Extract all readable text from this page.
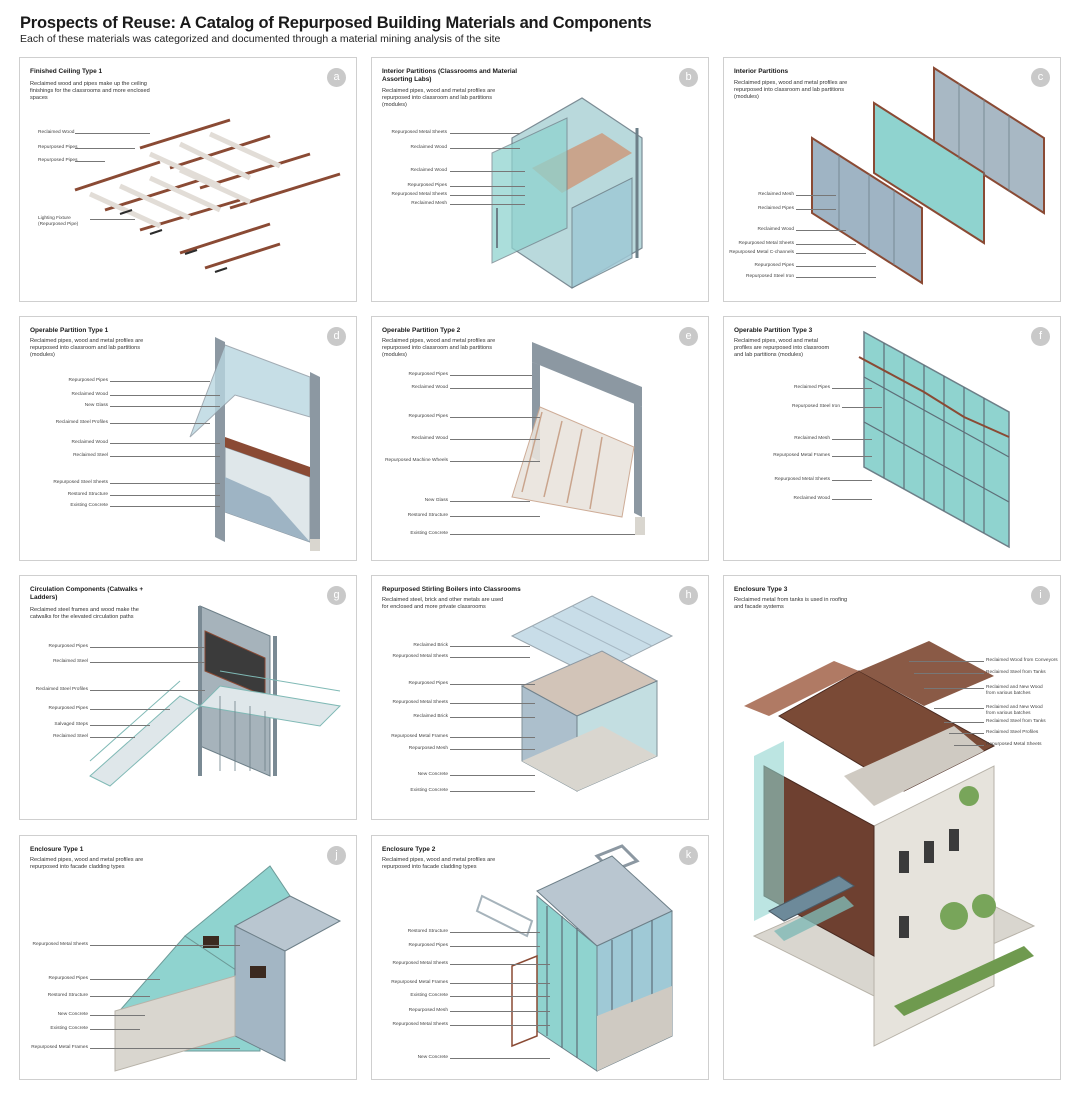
Prospects of Reuse: A Catalog of Repurposed Building Materials and Components
Each of these materials was categorized and documented through a material mining analysis of the site
Finished Ceiling Type 1
Reclaimed wood and pipes make up the ceiling finishings for the classrooms and more enclosed spaces
a
Reclaimed Wood
Repurposed Pipes
Repurposed Pipes
Lighting Fixture (Repurposed Pipe)
Interior Partitions (Classrooms and Material Assorting Labs)
Reclaimed pipes, wood and metal profiles are repurposed into classroom and lab partitions (modules)
b
Repurposed Metal Sheets
Reclaimed Wood
Reclaimed Wood
Repurposed Pipes
Repurposed Metal Sheets
Reclaimed Mesh
Interior Partitions
Reclaimed pipes, wood and metal profiles are repurposed into classroom and lab partitions (modules)
c
Reclaimed Mesh
Reclaimed Pipes
Reclaimed Wood
Repurposed Metal Sheets
Repurposed Metal C-channels
Repurposed Pipes
Repurposed Steel Iron
Operable Partition Type 1
Reclaimed pipes, wood and metal profiles are repurposed into classroom and lab partitions (modules)
d
Repurposed Pipes
Reclaimed Wood
New Glass
Reclaimed Steel Profiles
Reclaimed Wood
Reclaimed Steel
Repurposed Steel Sheets
Restored Structure
Existing Concrete
Operable Partition Type 2
Reclaimed pipes, wood and metal profiles are repurposed into classroom and lab partitions (modules)
e
Repurposed Pipes
Reclaimed Wood
Repurposed Pipes
Reclaimed Wood
Repurposed Machine Wheels
New Glass
Restored Structure
Existing Concrete
Operable Partition Type 3
Reclaimed pipes, wood and metal profiles are repurposed into classroom and lab partitions (modules)
f
Reclaimed Pipes
Repurposed Steel Iron
Reclaimed Mesh
Repurposed Metal Frames
Repurposed Metal Sheets
Reclaimed Wood
Circulation Components (Catwalks + Ladders)
Reclaimed steel frames and wood make the catwalks for the elevated circulation paths
g
Repurposed Pipes
Reclaimed Steel
Reclaimed Steel Profiles
Repurposed Pipes
Salvaged Steps
Reclaimed Steel
Repurposed Stirling Boilers into Classrooms
Reclaimed steel, brick and other metals are used for enclosed and more private classrooms
h
Reclaimed Brick
Repurposed Metal Sheets
Repurposed Pipes
Repurposed Metal Sheets
Reclaimed Brick
Repurposed Metal Frames
Repurposed Mesh
New Concrete
Existing Concrete
Enclosure Type 3
Reclaimed metal from tanks is used in roofing and facade systems
i
Reclaimed Wood from Conveyors
Reclaimed Steel from Tanks
Reclaimed and New Wood from various batches
Reclaimed and New Wood from various batches
Reclaimed Steel from Tanks
Reclaimed Steel Profiles
Repurposed Metal Sheets
Enclosure Type 1
Reclaimed pipes, wood and metal profiles are repurposed into facade cladding types
j
Repurposed Metal Sheets
Repurposed Pipes
Restored Structure
New Concrete
Existing Concrete
Repurposed Metal Frames
Enclosure Type 2
Reclaimed pipes, wood and metal profiles are repurposed into facade cladding types
k
Restored Structure
Repurposed Pipes
Repurposed Metal Sheets
Repurposed Metal Frames
Existing Concrete
Repurposed Mesh
Repurposed Metal Sheets
New Concrete
